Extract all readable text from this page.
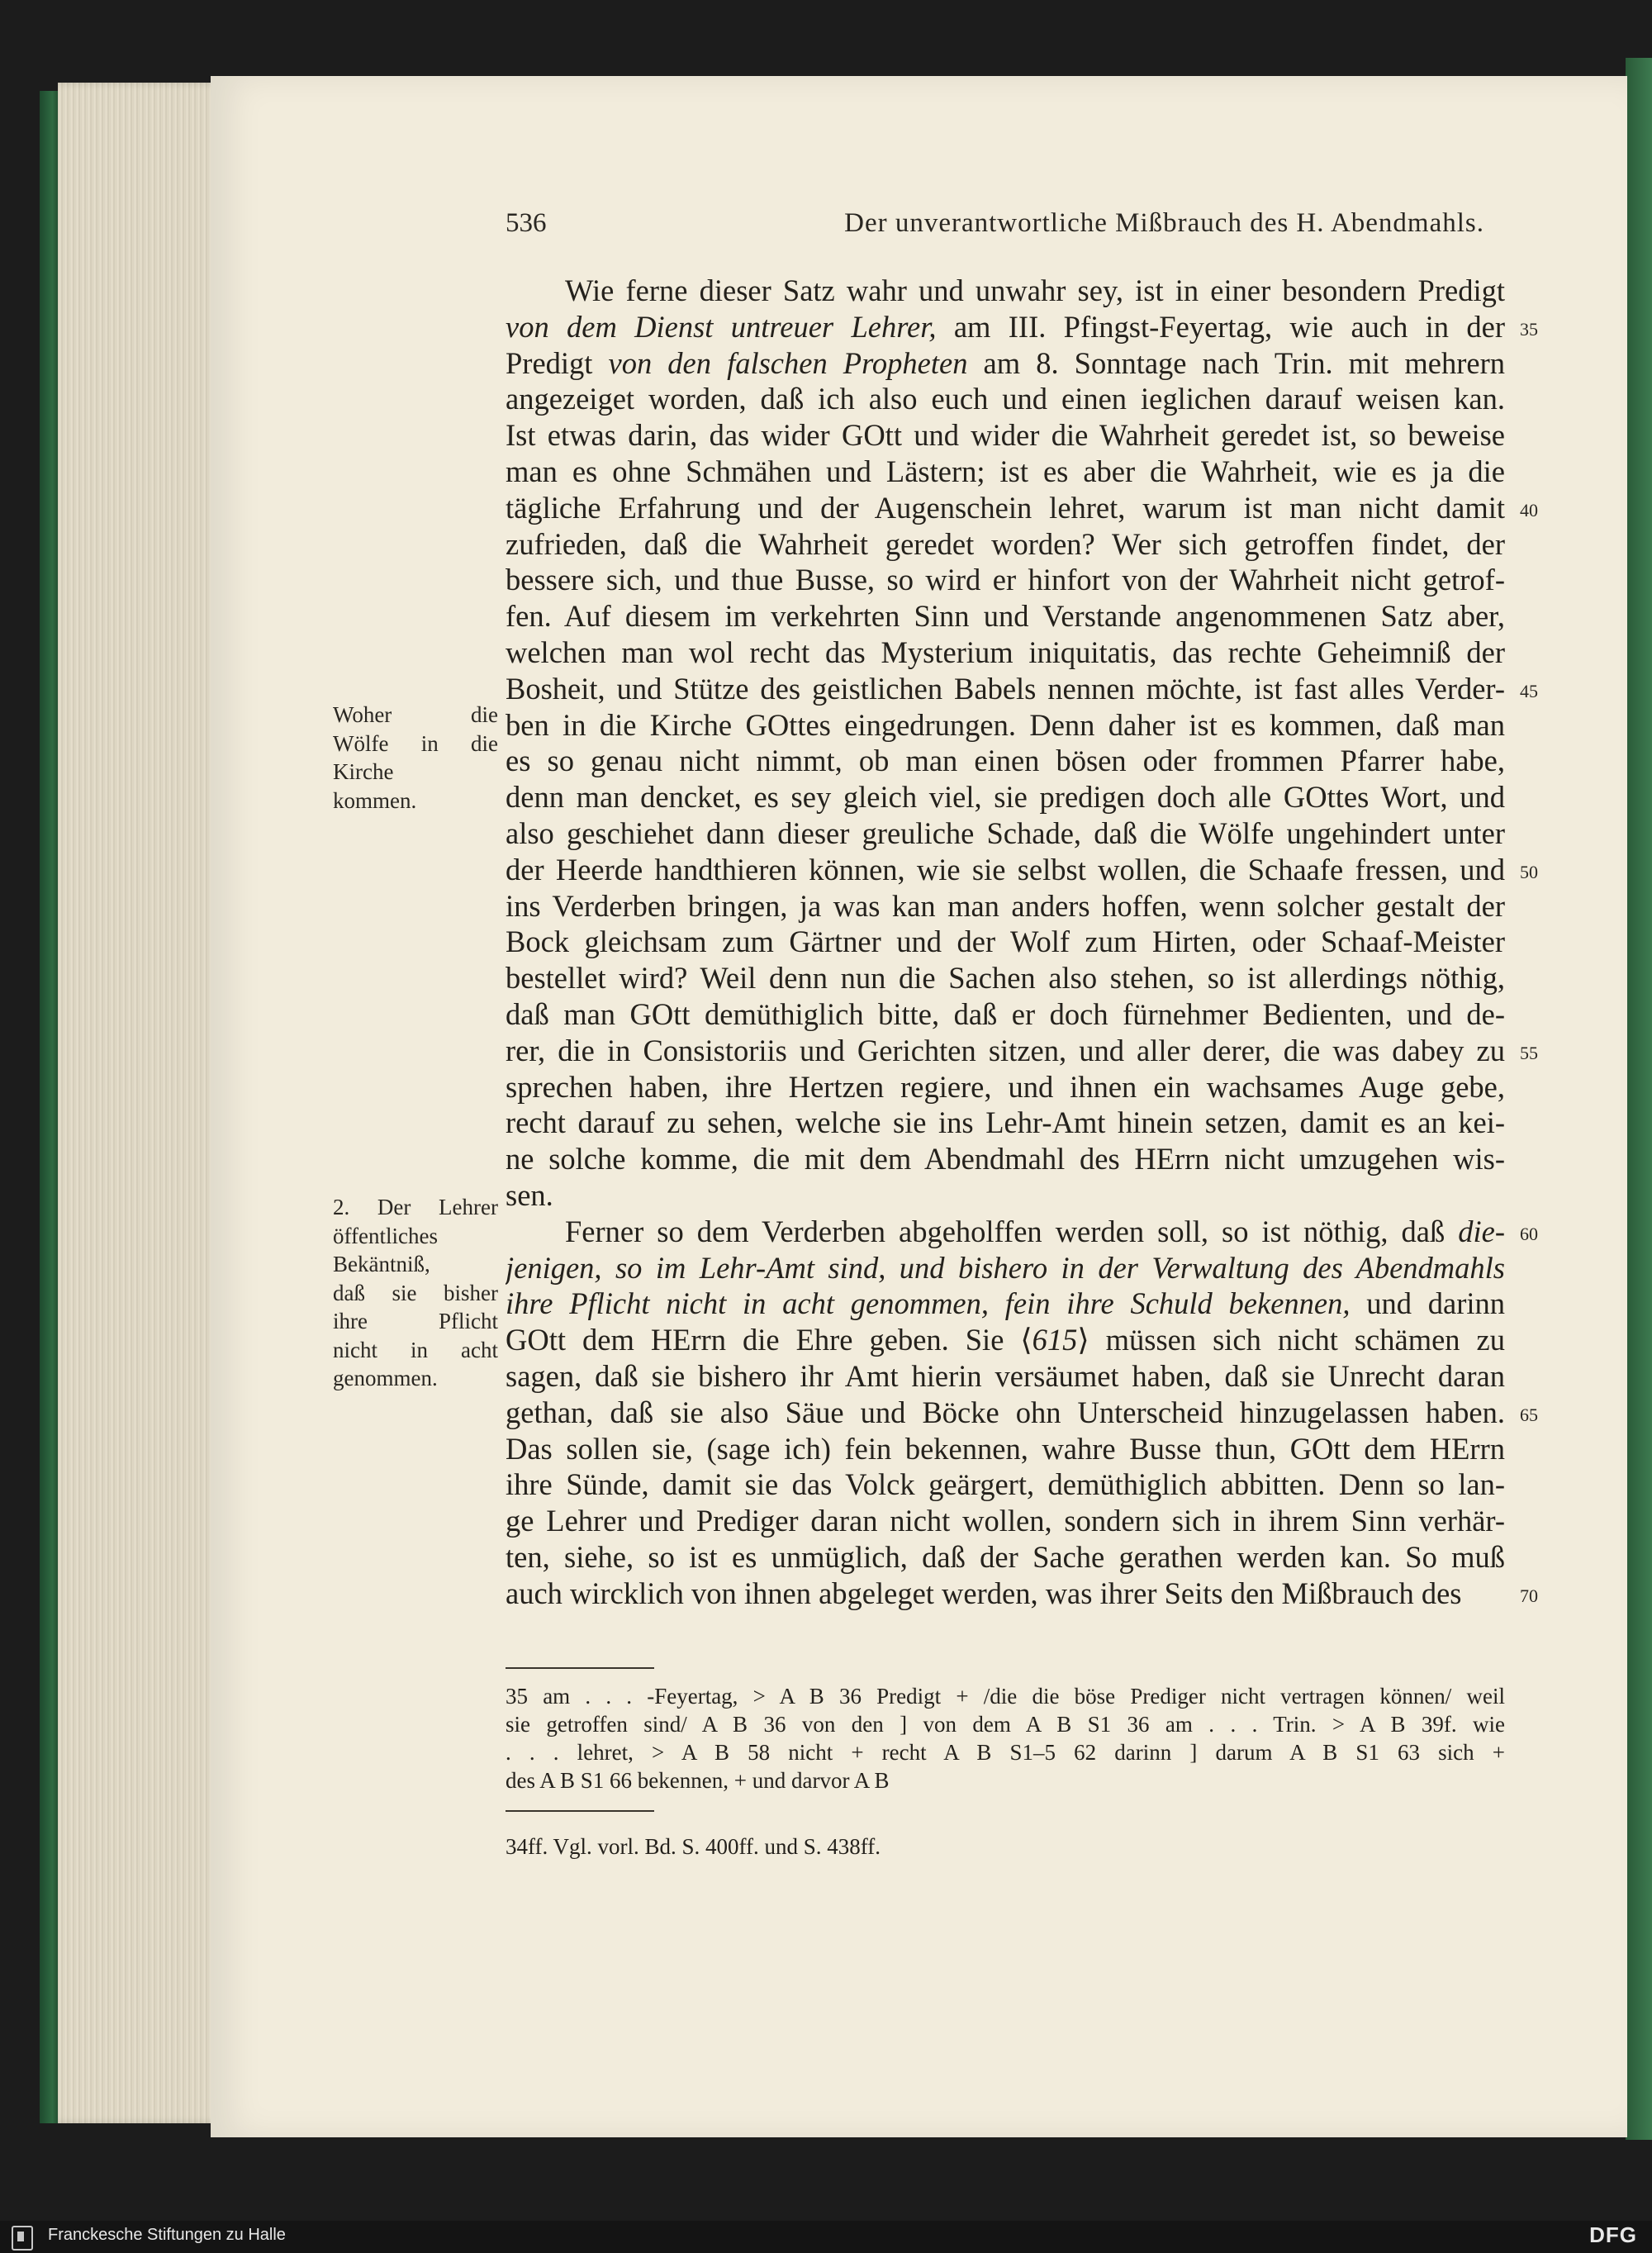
536	Der unverantwortliche Mißbrauch des H. Abendmahls.
Wie ferne dieser Satz wahr und unwahr sey, ist in einer besondern Predigt
von dem Dienst untreuer Lehrer, am III. Pfingst-Feyertag, wie auch in der
Predigt von den falschen Propheten am 8. Sonntage nach Trin. mit mehrern
angezeiget worden, daß ich also euch und einen ieglichen darauf weisen kan.
Ist etwas darin, das wider GOtt und wider die Wahrheit geredet ist, so beweise
man es ohne Schmähen und Lästern; ist es aber die Wahrheit, wie es ja die
tägliche Erfahrung und der Augenschein lehret, warum ist man nicht damit
zufrieden, daß die Wahrheit geredet worden? Wer sich getroffen findet, der
bessere sich, und thue Busse, so wird er hinfort von der Wahrheit nicht getrof-
fen. Auf diesem im verkehrten Sinn und Verstande angenommenen Satz aber,
welchen man wol recht das Mysterium iniquitatis, das rechte Geheimniß der
Bosheit, und Stütze des geistlichen Babels nennen möchte, ist fast alles Verder-
ben in die Kirche GOttes eingedrungen. Denn daher ist es kommen, daß man
es so genau nicht nimmt, ob man einen bösen oder frommen Pfarrer habe,
denn man dencket, es sey gleich viel, sie predigen doch alle GOttes Wort, und
also geschiehet dann dieser greuliche Schade, daß die Wölfe ungehindert unter
der Heerde handthieren können, wie sie selbst wollen, die Schaafe fressen, und
ins Verderben bringen, ja was kan man anders hoffen, wenn solcher gestalt der
Bock gleichsam zum Gärtner und der Wolf zum Hirten, oder Schaaf-Meister
bestellet wird? Weil denn nun die Sachen also stehen, so ist allerdings nöthig,
daß man GOtt demüthiglich bitte, daß er doch fürnehmer Bedienten, und de-
rer, die in Consistoriis und Gerichten sitzen, und aller derer, die was dabey zu
sprechen haben, ihre Hertzen regiere, und ihnen ein wachsames Auge gebe,
recht darauf zu sehen, welche sie ins Lehr-Amt hinein setzen, damit es an kei-
ne solche komme, die mit dem Abendmahl des HErrn nicht umzugehen wis-
sen.
Ferner so dem Verderben abgeholffen werden soll, so ist nöthig, daß die-
jenigen, so im Lehr-Amt sind, und bishero in der Verwaltung des Abendmahls
ihre Pflicht nicht in acht genommen, fein ihre Schuld bekennen, und darinn
GOtt dem HErrn die Ehre geben. Sie ⟨615⟩ müssen sich nicht schämen zu
sagen, daß sie bishero ihr Amt hierin versäumet haben, daß sie Unrecht daran
gethan, daß sie also Säue und Böcke ohn Unterscheid hinzugelassen haben.
Das sollen sie, (sage ich) fein bekennen, wahre Busse thun, GOtt dem HErrn
ihre Sünde, damit sie das Volck geärgert, demüthiglich abbitten. Denn so lan-
ge Lehrer und Prediger daran nicht wollen, sondern sich in ihrem Sinn verhär-
ten, siehe, so ist es unmüglich, daß der Sache gerathen werden kan. So muß
auch wircklich von ihnen abgeleget werden, was ihrer Seits den Mißbrauch des
35
40
45
50
55
60
65
70
Woher die
Wölfe in die
Kirche
kommen.
2. Der Lehrer
öffentliches
Bekäntniß,
daß sie bisher
ihre Pflicht
nicht in acht
genommen.
35 am . . . -Feyertag, > A B 36 Predigt + /die die böse Prediger nicht vertragen können/ weil
sie getroffen sind/ A B 36 von den ] von dem A B S1 36 am . . . Trin. > A B 39f. wie
. . . lehret, > A B 58 nicht + recht A B S1–5 62 darinn ] darum A B S1 63 sich +
des A B S1 66 bekennen, + und darvor A B
34ff. Vgl. vorl. Bd. S. 400ff. und S. 438ff.
Franckesche Stiftungen zu Halle	DFG
